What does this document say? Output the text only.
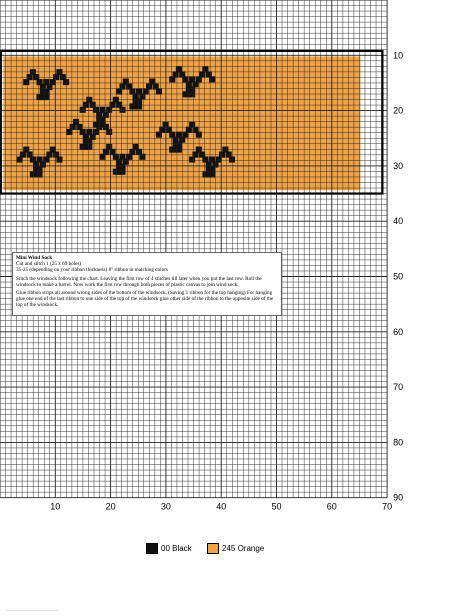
10	20	30	40	50	60	70
10
20
30
40
50
60
70
80
90
Mini Wind Sock
Cut and stitch 1 (25 x 69 holes)

35-25 (depending on your ribbon thickness) 8" ribbon in matching colors

Stitch the windsock following the chart. Leaving the first row of 4 stitches till later when you put the last row. Roll the windsock to make a barrel. Now work the first row through both pieces of plastic canvas to join wind sock.

Glue ribbon strips all around wrong sides of the bottom of the windsock. (Saving 1 ribbon for the top hanging) For hanging glue one end of the last ribbon to one side of the top of the windsock glue other side of the ribbon to the opposite side of the top of the windsock.

00 Black	245 Orange
................................................
